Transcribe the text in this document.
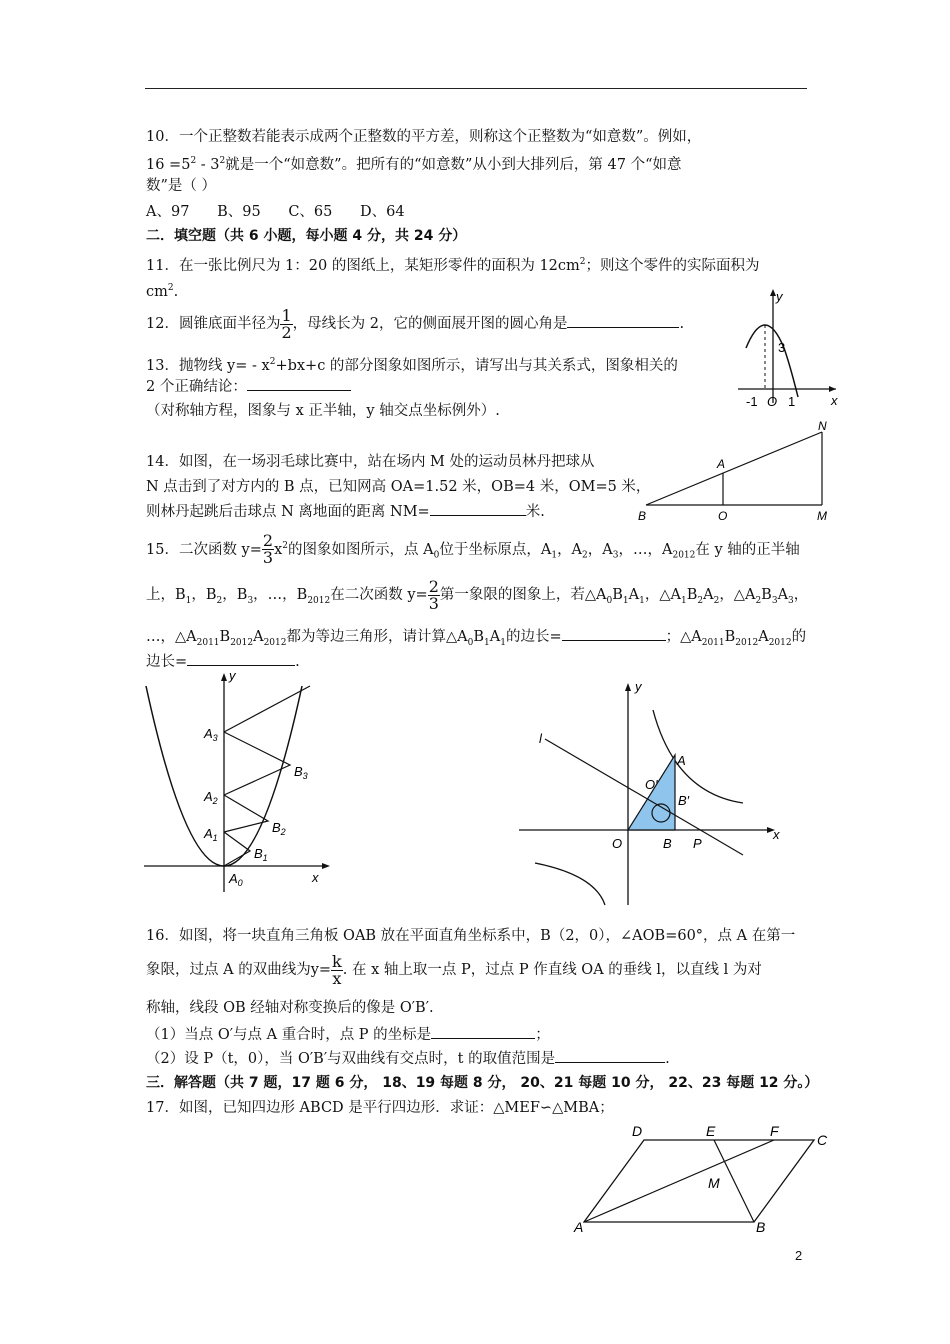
10．一个正整数若能表示成两个正整数的平方差，则称这个正整数为“如意数”。例如，
$16 =5^2 - 3^2$就是一个“如意数”。把所有的“如意数”从小到大排列后，第 47 个“如意
数”是（ ）
A、97      B、95      C、65      D、64
二．填空题（共 6 小题，每小题 4 分，共 24 分）
11．在一张比例尺为 1：20 的图纸上，某矩形零件的面积为 $12cm^2$；则这个零件的实际面积为
$cm^2$.
12．圆锥底面半径为 $\frac{1}{2}$ ，母线长为 2，它的侧面展开图的圆心角是	.
13．抛物线 $y= - x^2+bx+c$ 的部分图象如图所示，请写出与其关系式，图象相关的
2 个正确结论：
（对称轴方程，图象与 x 正半轴，y 轴交点坐标例外）.
y
x
3
-1 O 1
14．如图，在一场羽毛球比赛中，站在场内 M 处的运动员林丹把球从
N 点击到了对方内的 B 点，已知网高 OA=1.52 米，OB=4 米，OM=5 米，
则林丹起跳后击球点 N 离地面的距离 NM=	米.
N
A
B	O	M
15．二次函数 $y= \frac{2}{3} x^2$的图象如图所示，点 $A_0$位于坐标原点，$A_1$，$A_2$，$A_3$，…，$A_{2012}$在 y 轴的正半轴
上，$B_1$，$B_2$，$B_3$，…，$B_{2012}$在二次函数 $y= \frac{2}{3}$ 第一象限的图象上，若$\triangle A_0B_1A_1$，$\triangle A_1B_2A_2$，$\triangle A_2B_3A_3$，
…，$\triangle A_{2011}B_{2012}A_{2012}$都为等边三角形，请计算$\triangle A_0B_1A_1$的边长=	；$\triangle A_{2011}B_{2012}A_{2012}$的
边长=	.
$A_0$
$A_1$
$A_2$
$A_3$
$B_1$
$B_2$
$B_3$
y
x
l
y
x
A
O′
B′
O	B P
16．如图，将一块直角三角板 OAB 放在平面直角坐标系中，B（2，0），∠AOB=60°，点 A 在第一
象限，过点 A 的双曲线为$y= \frac{k}{x}$ . 在 x 轴上取一点 P，过点 P 作直线 OA 的垂线 l，以直线 l 为对
称轴，线段 OB 经轴对称变换后的像是 O′B′.
（1）当点 O′与点 A 重合时，点 P 的坐标是	；
（2）设 P（t，0），当 O′B′与双曲线有交点时，t 的取值范围是	.
三．解答题（共 7 题，17 题 6 分， 18、19 每题 8 分， 20、21 每题 10 分， 22、23 每题 12 分。）
17．如图，已知四边形 ABCD 是平行四边形．求证：△MEF∽△MBA；
D	E	F
C
M
A	B
2
